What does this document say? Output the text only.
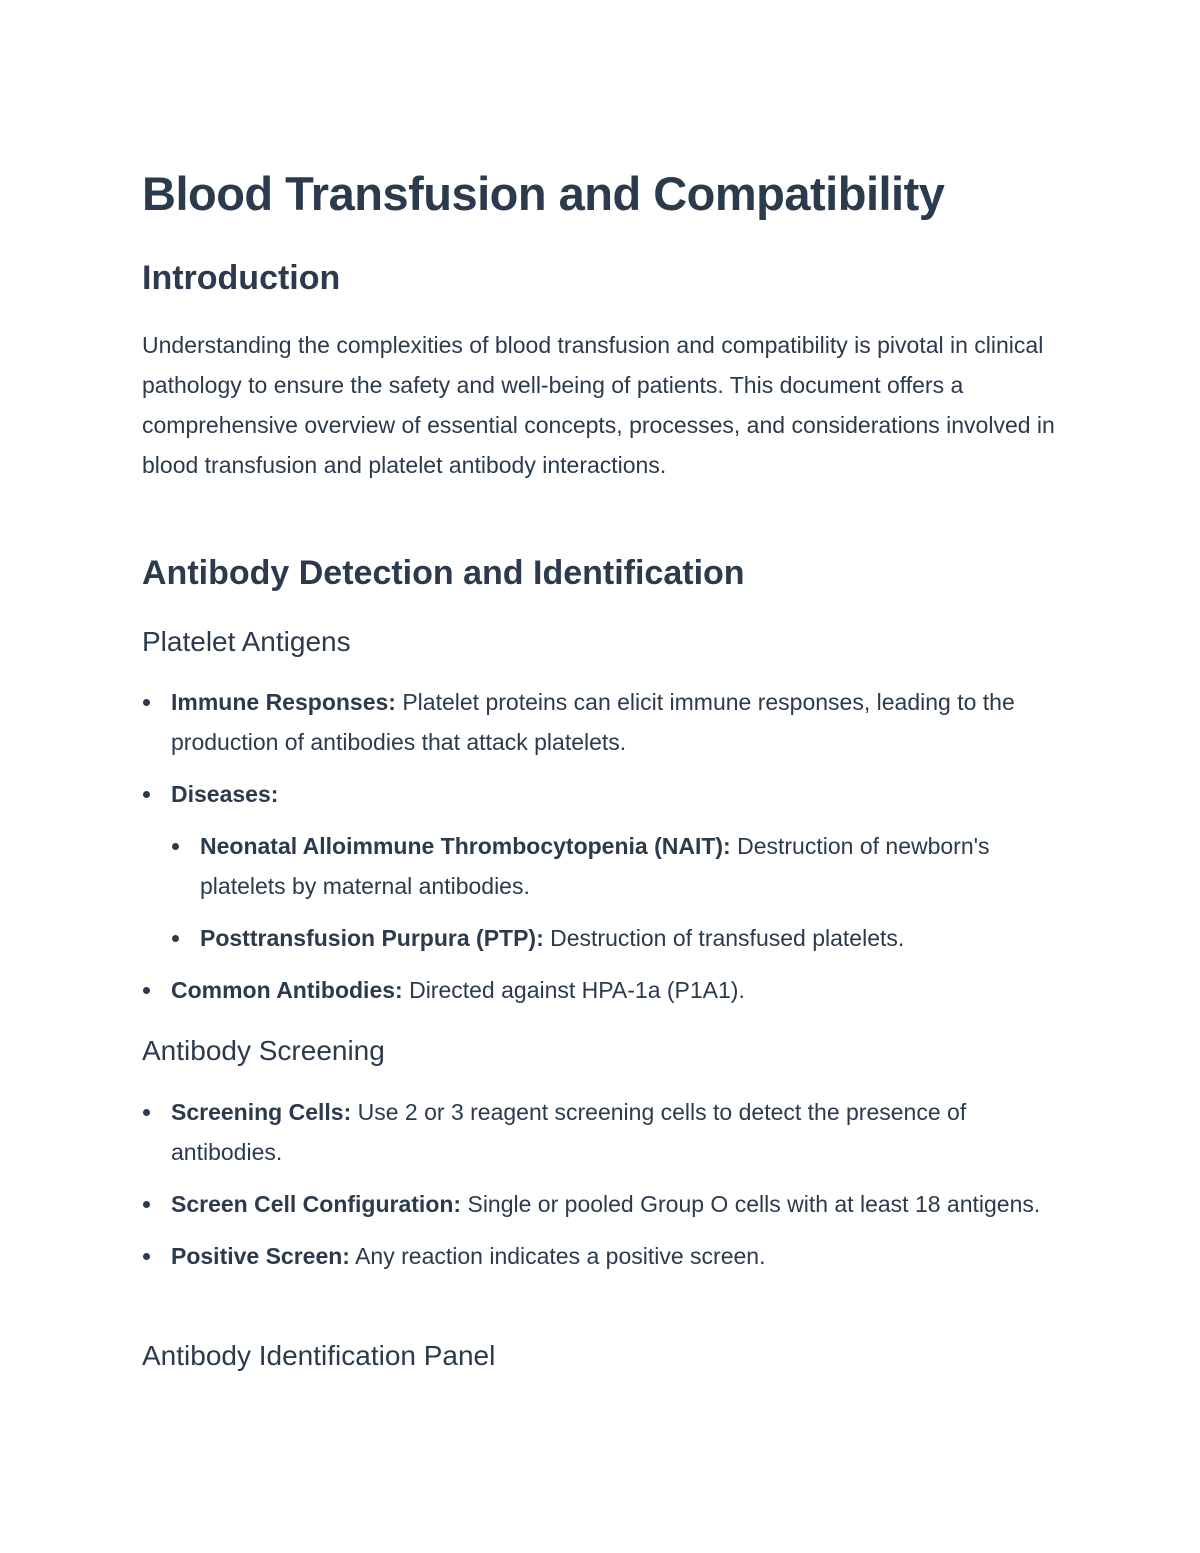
Blood Transfusion and Compatibility
Introduction

Understanding the complexities of blood transfusion and compatibility is pivotal in clinical pathology to ensure the safety and well-being of patients. This document offers a comprehensive overview of essential concepts, processes, and considerations involved in blood transfusion and platelet antibody interactions.

Antibody Detection and Identification
Platelet Antigens
Immune Responses: Platelet proteins can elicit immune responses, leading to the production of antibodies that attack platelets.
Diseases:
Neonatal Alloimmune Thrombocytopenia (NAIT): Destruction of newborn's platelets by maternal antibodies.
Posttransfusion Purpura (PTP): Destruction of transfused platelets.
Common Antibodies: Directed against HPA-1a (P1A1).
Antibody Screening
Screening Cells: Use 2 or 3 reagent screening cells to detect the presence of antibodies.
Screen Cell Configuration: Single or pooled Group O cells with at least 18 antigens.
Positive Screen: Any reaction indicates a positive screen.
Antibody Identification Panel
